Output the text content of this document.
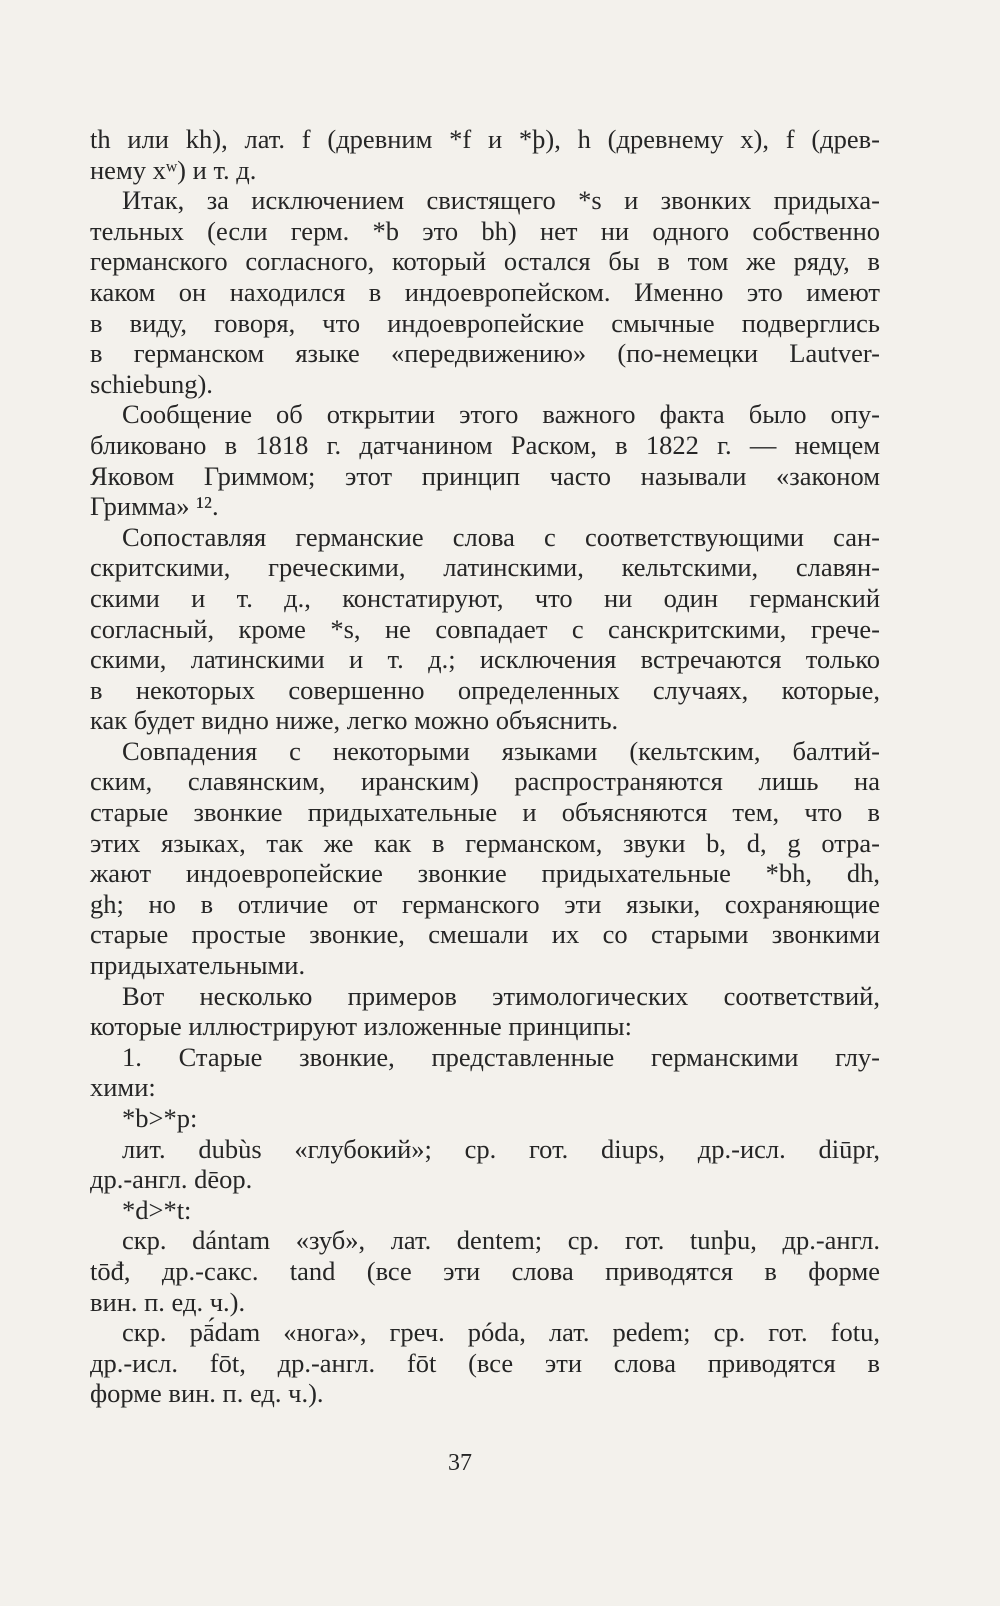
th или kh), лат. f (древним *f и *þ), h (древнему x), f (древ-
нему xʷ) и т. д.
Итак, за исключением свистящего *s и звонких придыха-
тельных (если герм. *b это bh) нет ни одного собственно
германского согласного, который остался бы в том же ряду, в
каком он находился в индоевропейском. Именно это имеют
в виду, говоря, что индоевропейские смычные подверглись
в германском языке «передвижению» (по-немецки Lautver-
schiebung).
Сообщение об открытии этого важного факта было опу-
бликовано в 1818 г. датчанином Раском, в 1822 г. — немцем
Яковом Гриммом; этот принцип часто называли «законом
Гримма» ¹².
Сопоставляя германские слова с соответствующими сан-
скритскими, греческими, латинскими, кельтскими, славян-
скими и т. д., констатируют, что ни один германский
согласный, кроме *s, не совпадает с санскритскими, грече-
скими, латинскими и т. д.; исключения встречаются только
в некоторых совершенно определенных случаях, которые,
как будет видно ниже, легко можно объяснить.
Совпадения с некоторыми языками (кельтским, балтий-
ским, славянским, иранским) распространяются лишь на
старые звонкие придыхательные и объясняются тем, что в
этих языках, так же как в германском, звуки b, d, g отра-
жают индоевропейские звонкие придыхательные *bh, dh,
gh; но в отличие от германского эти языки, сохраняющие
старые простые звонкие, смешали их со старыми звонкими
придыхательными.
Вот несколько примеров этимологических соответствий,
которые иллюстрируют изложенные принципы:
1. Старые звонкие, представленные германскими глу-
хими:
*b>*p:
лит. dubùs «глубокий»; ср. гот. diups, др.-исл. diūpr,
др.-англ. dēop.
*d>*t:
скр. dántam «зуб», лат. dentem; ср. гот. tunþu, др.-англ.
tōđ, др.-сакс. tand (все эти слова приводятся в форме
вин. п. ед. ч.).
скр. pā́dam «нога», греч. póda, лат. pedem; ср. гот. fotu,
др.-исл. fōt, др.-англ. fōt (все эти слова приводятся в
форме вин. п. ед. ч.).
37
